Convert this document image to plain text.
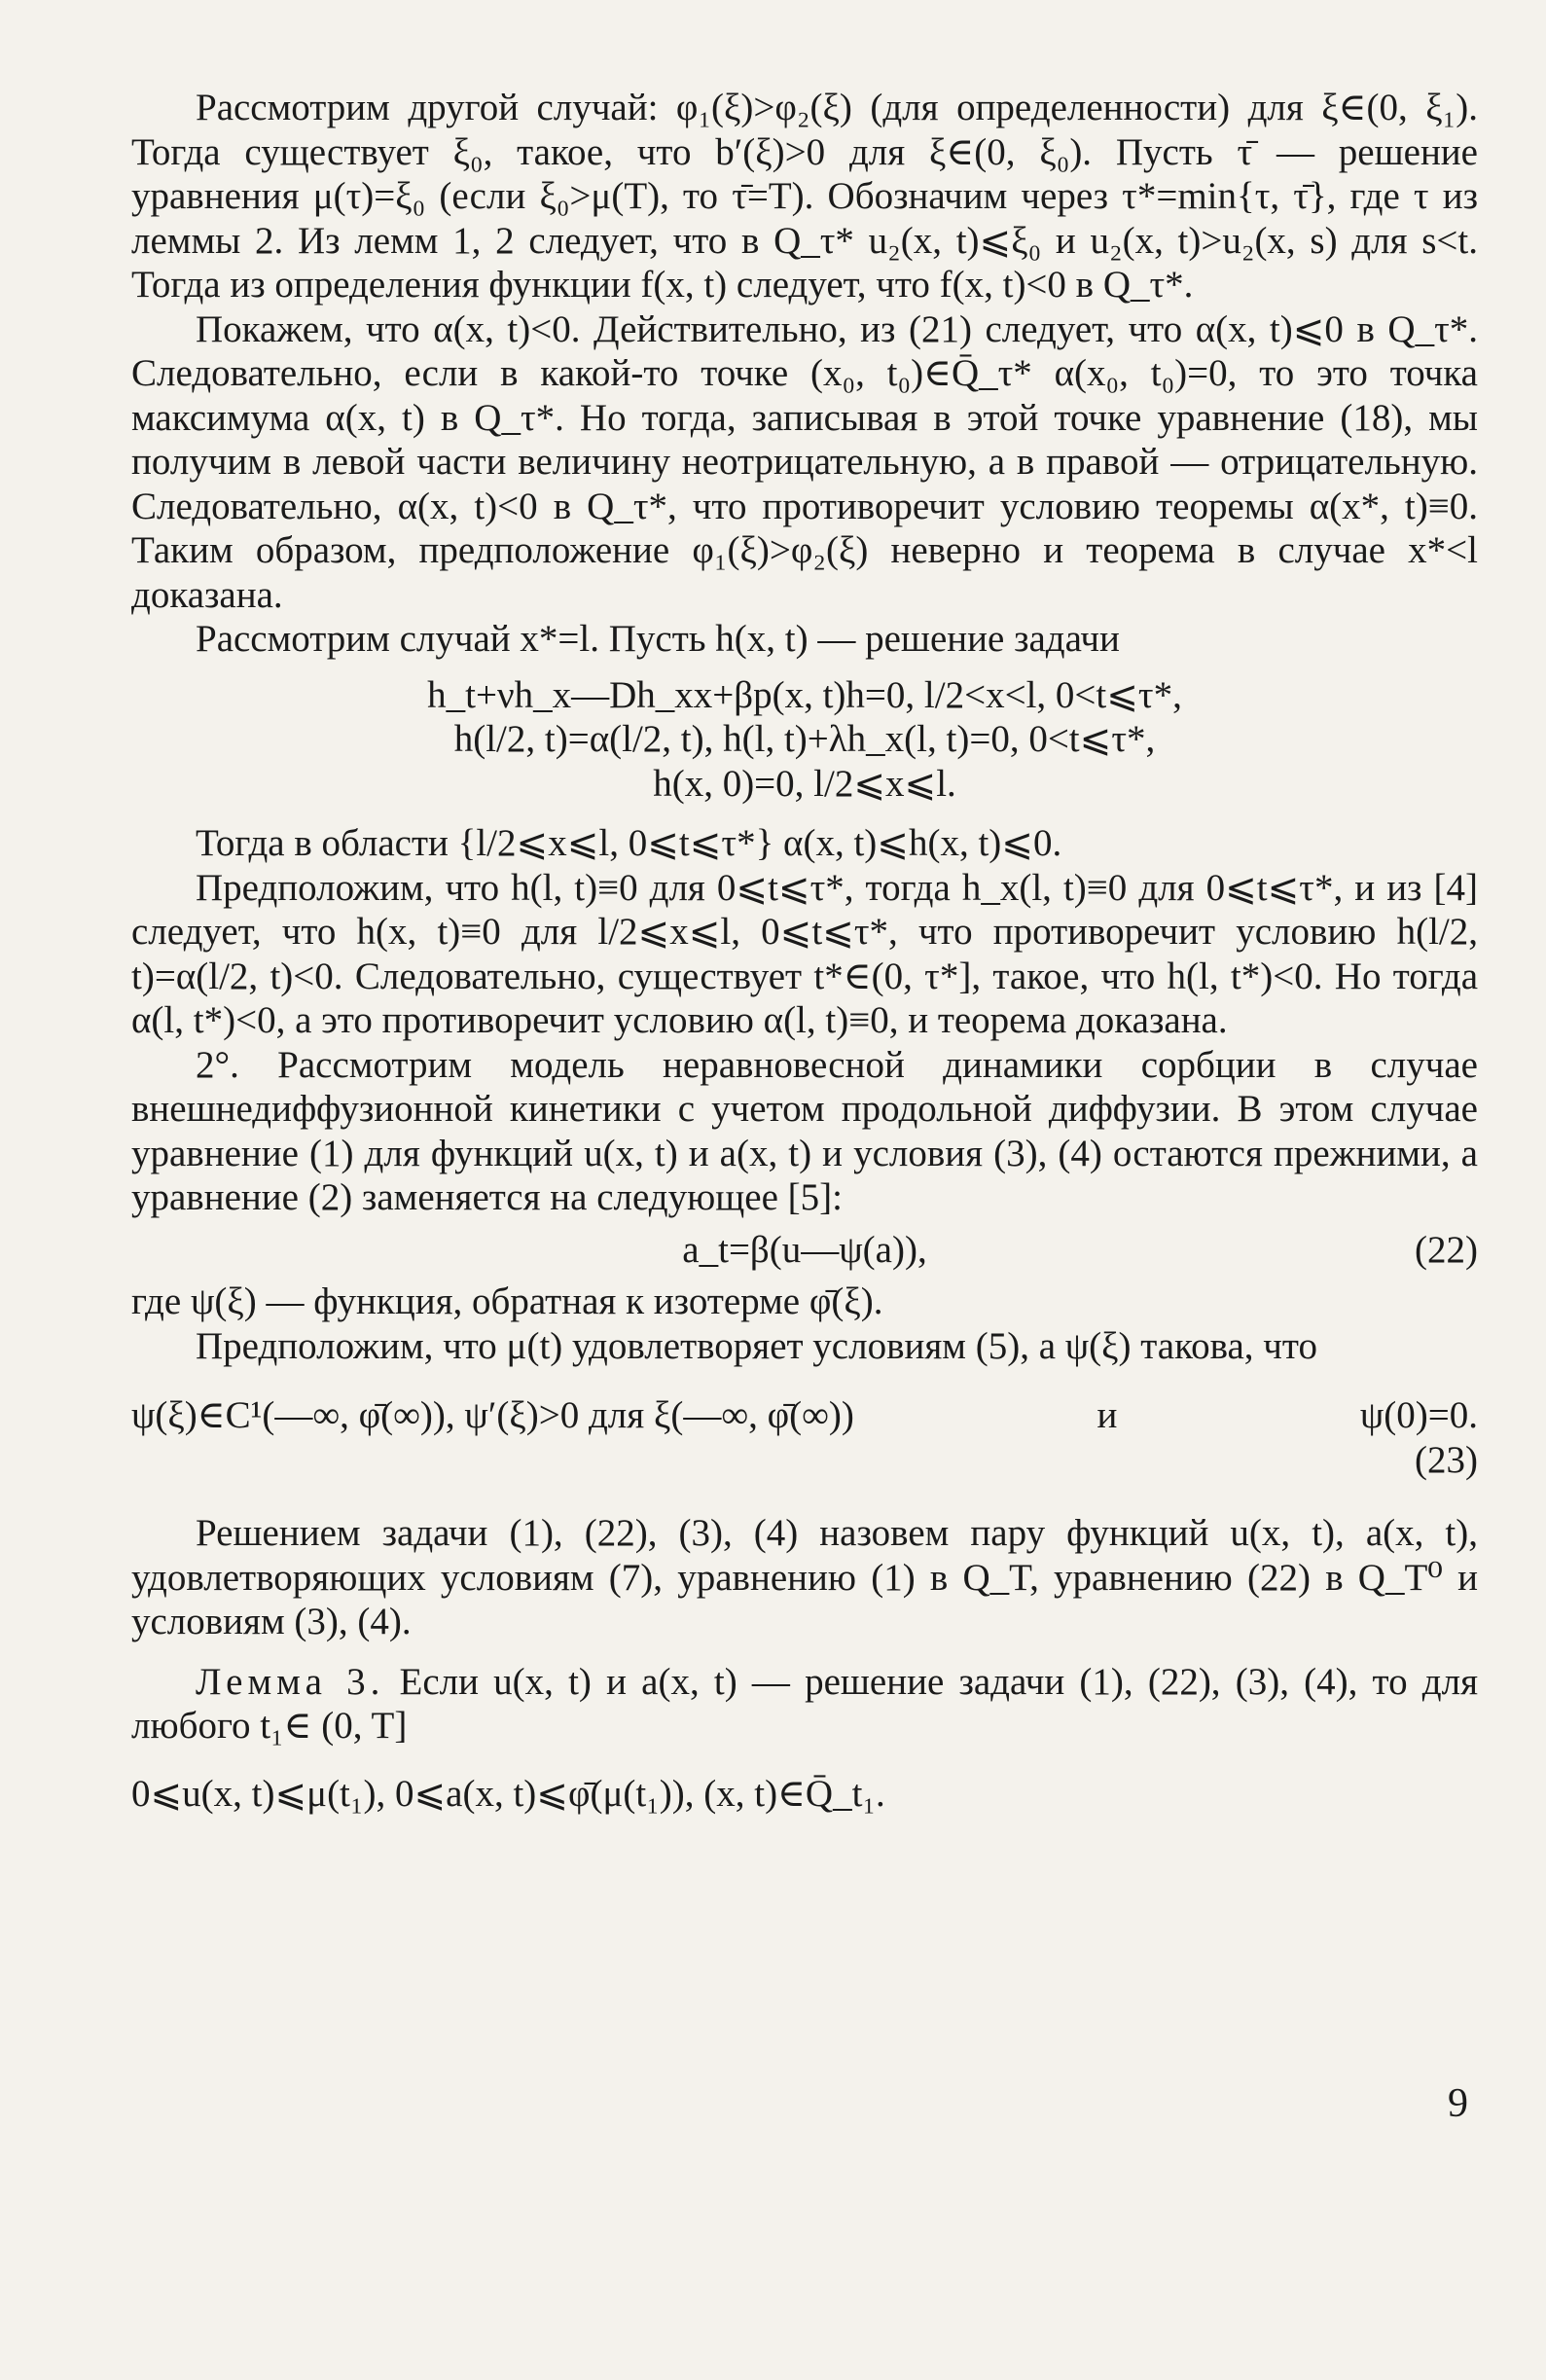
Рассмотрим другой случай: φ₁(ξ)>φ₂(ξ) (для определенности) для ξ∈(0, ξ₁). Тогда существует ξ₀, такое, что b′(ξ)>0 для ξ∈(0, ξ₀). Пусть τ̄ — решение уравнения μ(τ)=ξ₀ (если ξ₀>μ(T), то τ̄=T). Обозначим через τ*=min{τ, τ̄}, где τ из леммы 2. Из лемм 1, 2 следует, что в Q_τ* u₂(x, t)⩽ξ₀ и u₂(x, t)>u₂(x, s) для s<t. Тогда из определения функции f(x, t) следует, что f(x, t)<0 в Q_τ*.

Покажем, что α(x, t)<0. Действительно, из (21) следует, что α(x, t)⩽0 в Q_τ*. Следовательно, если в какой-то точке (x₀, t₀)∈Q̄_τ* α(x₀, t₀)=0, то это точка максимума α(x, t) в Q_τ*. Но тогда, записывая в этой точке уравнение (18), мы получим в левой части величину неотрицательную, а в правой — отрицательную. Следовательно, α(x, t)<0 в Q_τ*, что противоречит условию теоремы α(x*, t)≡0. Таким образом, предположение φ₁(ξ)>φ₂(ξ) неверно и теорема в случае x*<l доказана.

Рассмотрим случай x*=l. Пусть h(x, t) — решение задачи

h_t+νh_x—Dh_xx+βp(x, t)h=0, l/2<x<l, 0<t⩽τ*,

h(l/2, t)=α(l/2, t), h(l, t)+λh_x(l, t)=0, 0<t⩽τ*,

h(x, 0)=0, l/2⩽x⩽l.

Тогда в области {l/2⩽x⩽l, 0⩽t⩽τ*} α(x, t)⩽h(x, t)⩽0.

Предположим, что h(l, t)≡0 для 0⩽t⩽τ*, тогда h_x(l, t)≡0 для 0⩽t⩽τ*, и из [4] следует, что h(x, t)≡0 для l/2⩽x⩽l, 0⩽t⩽τ*, что противоречит условию h(l/2, t)=α(l/2, t)<0. Следовательно, существует t*∈(0, τ*], такое, что h(l, t*)<0. Но тогда α(l, t*)<0, а это противоречит условию α(l, t)≡0, и теорема доказана.

2°. Рассмотрим модель неравновесной динамики сорбции в случае внешнедиффузионной кинетики с учетом продольной диффузии. В этом случае уравнение (1) для функций u(x, t) и a(x, t) и условия (3), (4) остаются прежними, а уравнение (2) заменяется на следующее [5]:

a_t=β(u—ψ(a)),	(22)

где ψ(ξ) — функция, обратная к изотерме φ̄(ξ).

Предположим, что μ(t) удовлетворяет условиям (5), а ψ(ξ) такова, что

ψ(ξ)∈C¹(—∞, φ̄(∞)), ψ′(ξ)>0 для ξ(—∞, φ̄(∞))	и	ψ(0)=0.

(23)

Решением задачи (1), (22), (3), (4) назовем пару функций u(x, t), a(x, t), удовлетворяющих условиям (7), уравнению (1) в Q_T, уравнению (22) в Q_T⁰ и условиям (3), (4).

Лемма 3. Если u(x, t) и a(x, t) — решение задачи (1), (22), (3), (4), то для любого t₁∈ (0, T]

0⩽u(x, t)⩽μ(t₁), 0⩽a(x, t)⩽φ̄(μ(t₁)), (x, t)∈Q̄_t₁.

9
